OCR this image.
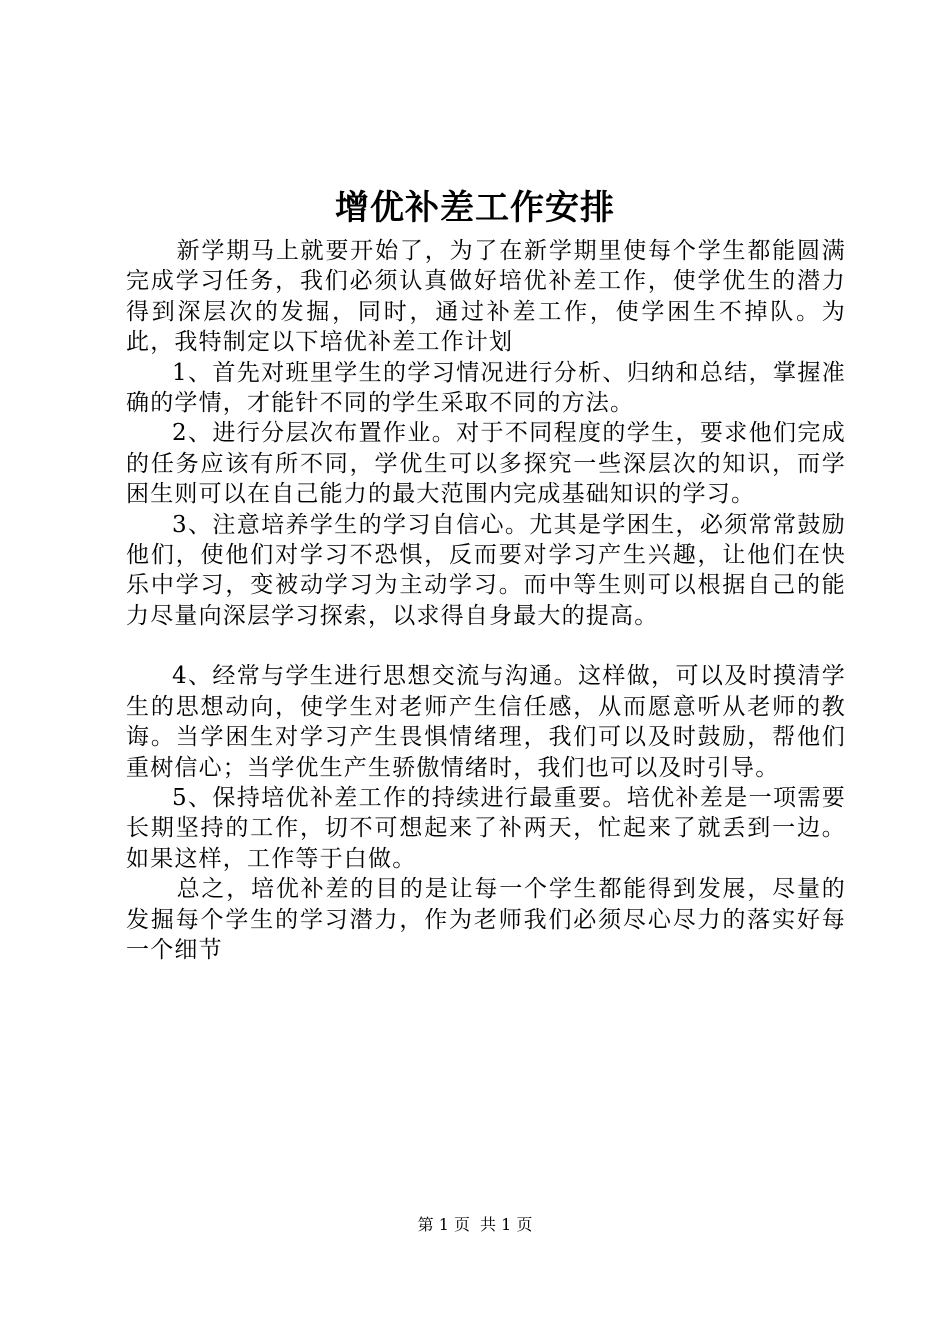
增优补差工作安排

新学期马上就要开始了，为了在新学期里使每个学生都能圆满完成学习任务，我们必须认真做好培优补差工作，使学优生的潜力得到深层次的发掘，同时，通过补差工作，使学困生不掉队。为此，我特制定以下培优补差工作计划

1、首先对班里学生的学习情况进行分析、归纳和总结，掌握准确的学情，才能针不同的学生采取不同的方法。

2、进行分层次布置作业。对于不同程度的学生，要求他们完成的任务应该有所不同，学优生可以多探究一些深层次的知识，而学困生则可以在自己能力的最大范围内完成基础知识的学习。

3、注意培养学生的学习自信心。尤其是学困生，必须常常鼓励他们，使他们对学习不恐惧，反而要对学习产生兴趣，让他们在快乐中学习，变被动学习为主动学习。而中等生则可以根据自己的能力尽量向深层学习探索，以求得自身最大的提高。

4、经常与学生进行思想交流与沟通。这样做，可以及时摸清学生的思想动向，使学生对老师产生信任感，从而愿意听从老师的教诲。当学困生对学习产生畏惧情绪理，我们可以及时鼓励，帮他们重树信心；当学优生产生骄傲情绪时，我们也可以及时引导。

5、保持培优补差工作的持续进行最重要。培优补差是一项需要长期坚持的工作，切不可想起来了补两天，忙起来了就丢到一边。如果这样，工作等于白做。

总之，培优补差的目的是让每一个学生都能得到发展，尽量的发掘每个学生的学习潜力，作为老师我们必须尽心尽力的落实好每一个细节

第 1 页 共 1 页
